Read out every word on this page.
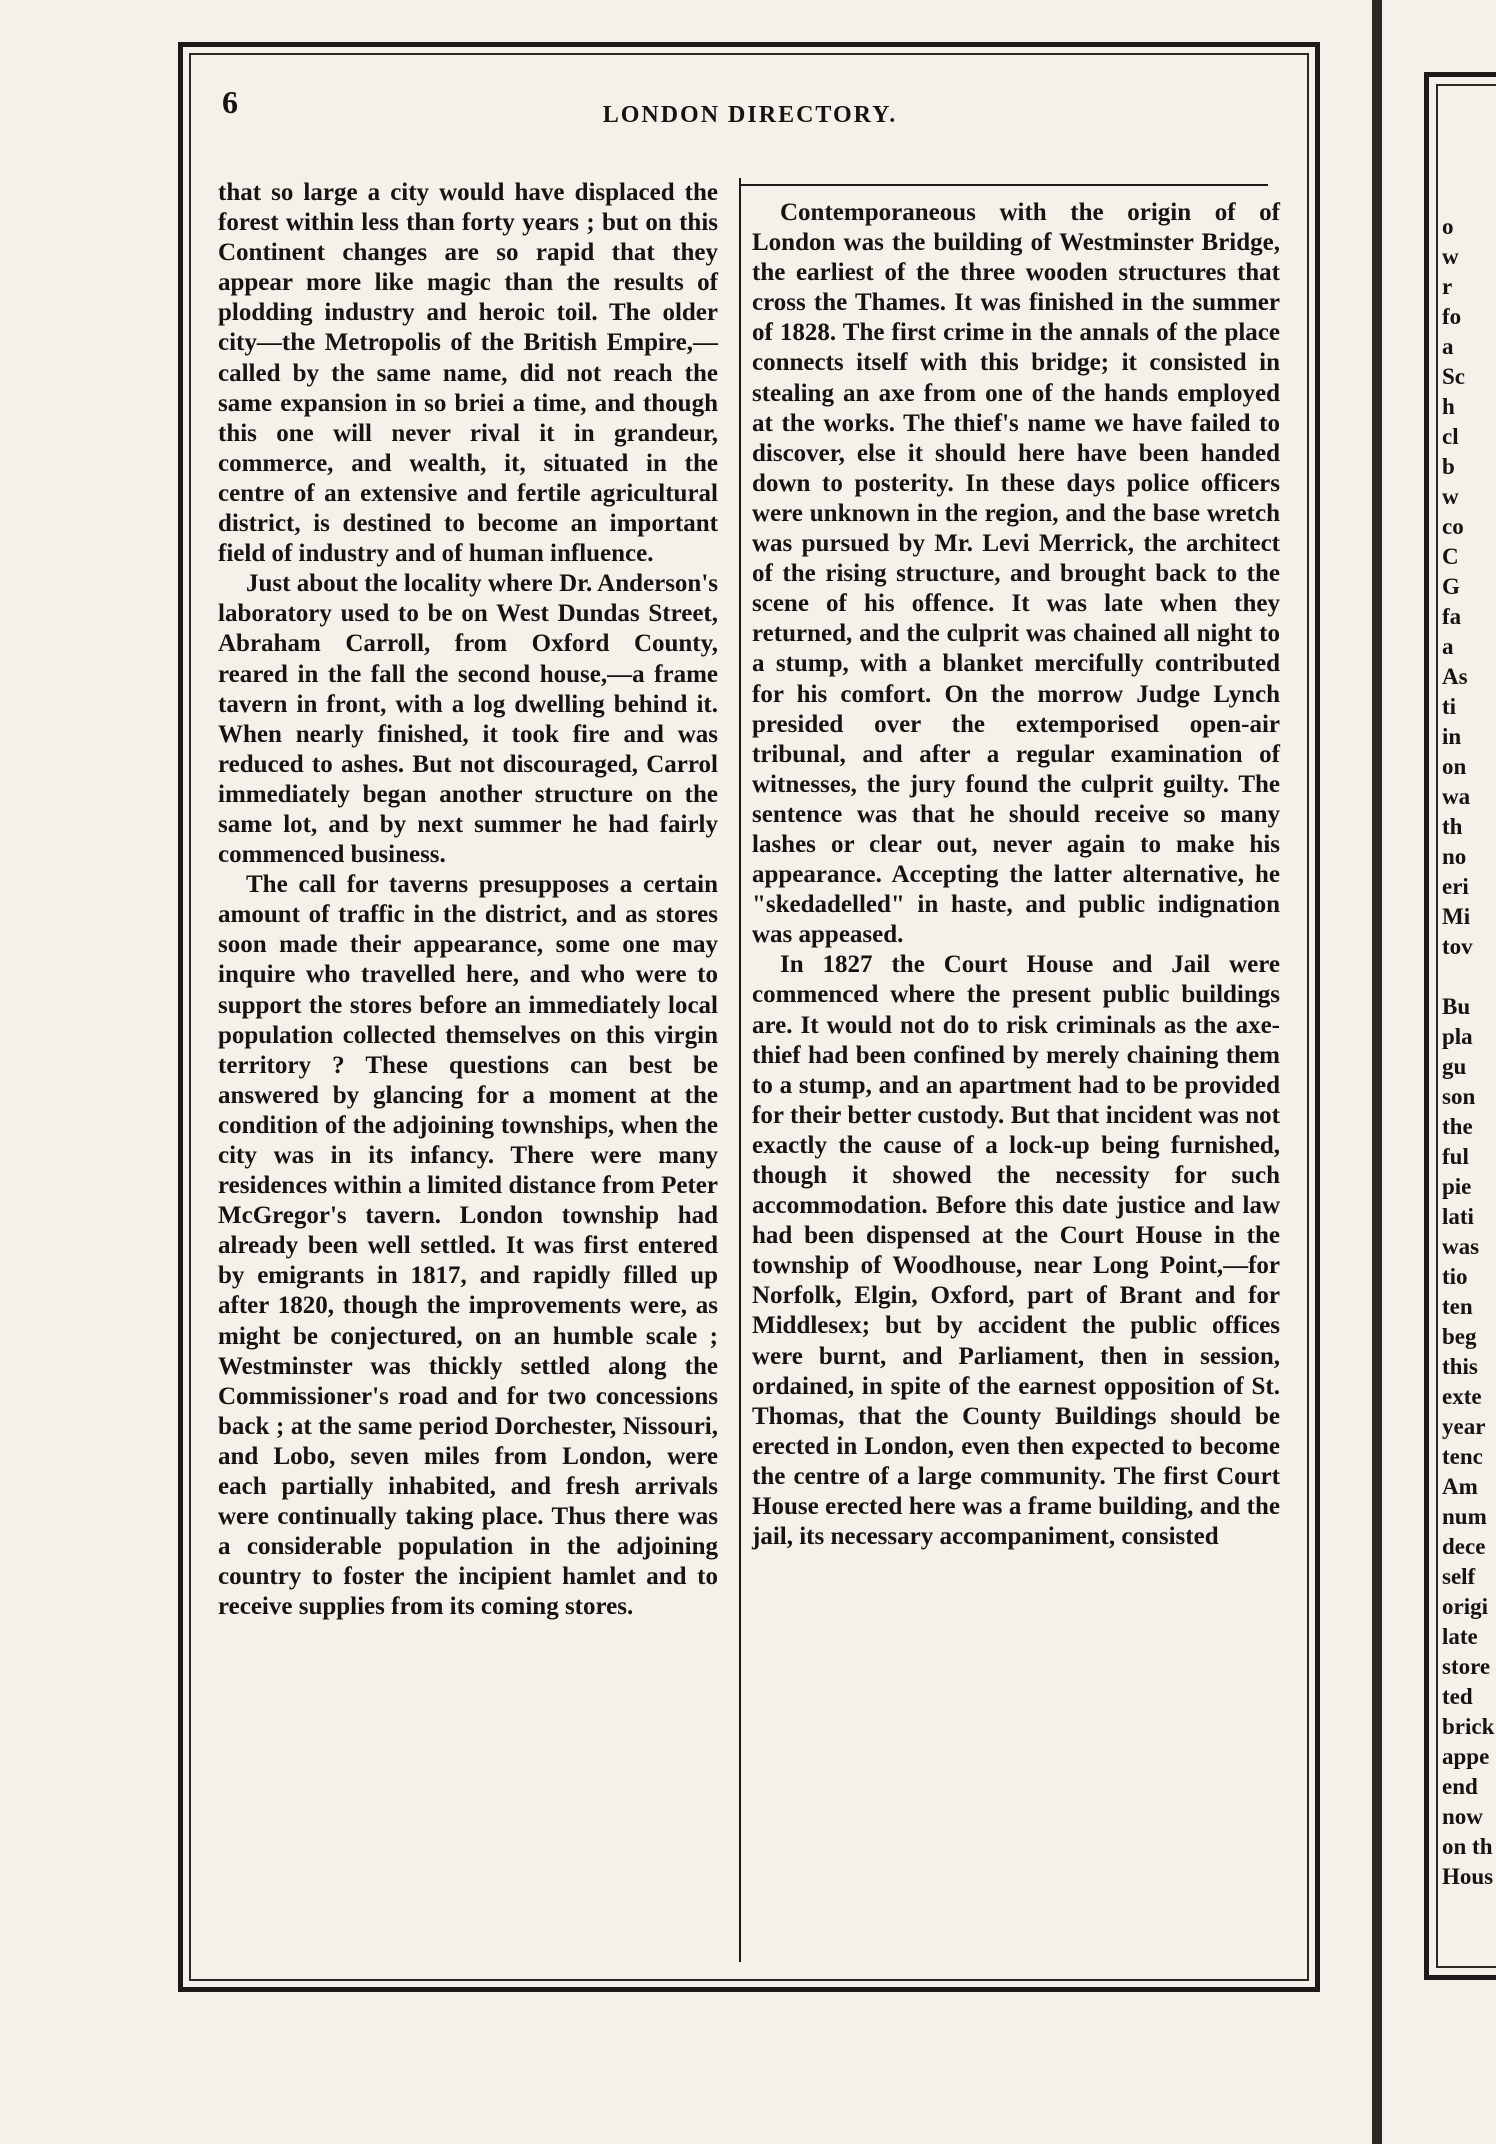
6	LONDON DIRECTORY.

that so large a city would have displaced the forest within less than forty years ; but on this Continent changes are so rapid that they appear more like magic than the results of plodding industry and heroic toil. The older city—the Metropolis of the British Empire,—called by the same name, did not reach the same expansion in so briei a time, and though this one will never rival it in grandeur, commerce, and wealth, it, situated in the centre of an extensive and fertile agricultural district, is destined to become an important field of industry and of human influence.

Just about the locality where Dr. Anderson's laboratory used to be on West Dundas Street, Abraham Carroll, from Oxford County, reared in the fall the second house,—a frame tavern in front, with a log dwelling behind it. When nearly finished, it took fire and was reduced to ashes. But not discouraged, Carrol immediately began another structure on the same lot, and by next summer he had fairly commenced business.

The call for taverns presupposes a certain amount of traffic in the district, and as stores soon made their appearance, some one may inquire who travelled here, and who were to support the stores before an immediately local population collected themselves on this virgin territory ? These questions can best be answered by glancing for a moment at the condition of the adjoining townships, when the city was in its infancy. There were many residences within a limited distance from Peter McGregor's tavern. London township had already been well settled. It was first entered by emigrants in 1817, and rapidly filled up after 1820, though the improvements were, as might be conjectured, on an humble scale ; Westminster was thickly settled along the Commissioner's road and for two concessions back ; at the same period Dorchester, Nissouri, and Lobo, seven miles from London, were each partially inhabited, and fresh arrivals were continually taking place. Thus there was a considerable population in the adjoining country to foster the incipient hamlet and to receive supplies from its coming stores.

Contemporaneous with the origin of of London was the building of Westminster Bridge, the earliest of the three wooden structures that cross the Thames. It was finished in the summer of 1828. The first crime in the annals of the place connects itself with this bridge; it consisted in stealing an axe from one of the hands employed at the works. The thief's name we have failed to discover, else it should here have been handed down to posterity. In these days police officers were unknown in the region, and the base wretch was pursued by Mr. Levi Merrick, the architect of the rising structure, and brought back to the scene of his offence. It was late when they returned, and the culprit was chained all night to a stump, with a blanket mercifully contributed for his comfort. On the morrow Judge Lynch presided over the extemporised open-air tribunal, and after a regular examination of witnesses, the jury found the culprit guilty. The sentence was that he should receive so many lashes or clear out, never again to make his appearance. Accepting the latter alternative, he "skedadelled" in haste, and public indignation was appeased.

In 1827 the Court House and Jail were commenced where the present public buildings are. It would not do to risk criminals as the axe-thief had been confined by merely chaining them to a stump, and an apartment had to be provided for their better custody. But that incident was not exactly the cause of a lock-up being furnished, though it showed the necessity for such accommodation. Before this date justice and law had been dispensed at the Court House in the township of Woodhouse, near Long Point,—for Norfolk, Elgin, Oxford, part of Brant and for Middlesex; but by accident the public offices were burnt, and Parliament, then in session, ordained, in spite of the earnest opposition of St. Thomas, that the County Buildings should be erected in London, even then expected to become the centre of a large community. The first Court House erected here was a frame building, and the jail, its necessary accompaniment, consisted

o
w
r
fo
a
Sc
h
cl
b
w
co
C
G
fa
a
As
ti
in
on
wa
th
no
eri
Mi
tov

Bu
pla
gu
son
the
ful
pie
lati
was
tio
ten
beg
this
exte
year
tenc
Am
num
dece
self
origi
late
store
ted
brick
appe
end
now
on th
Hous
